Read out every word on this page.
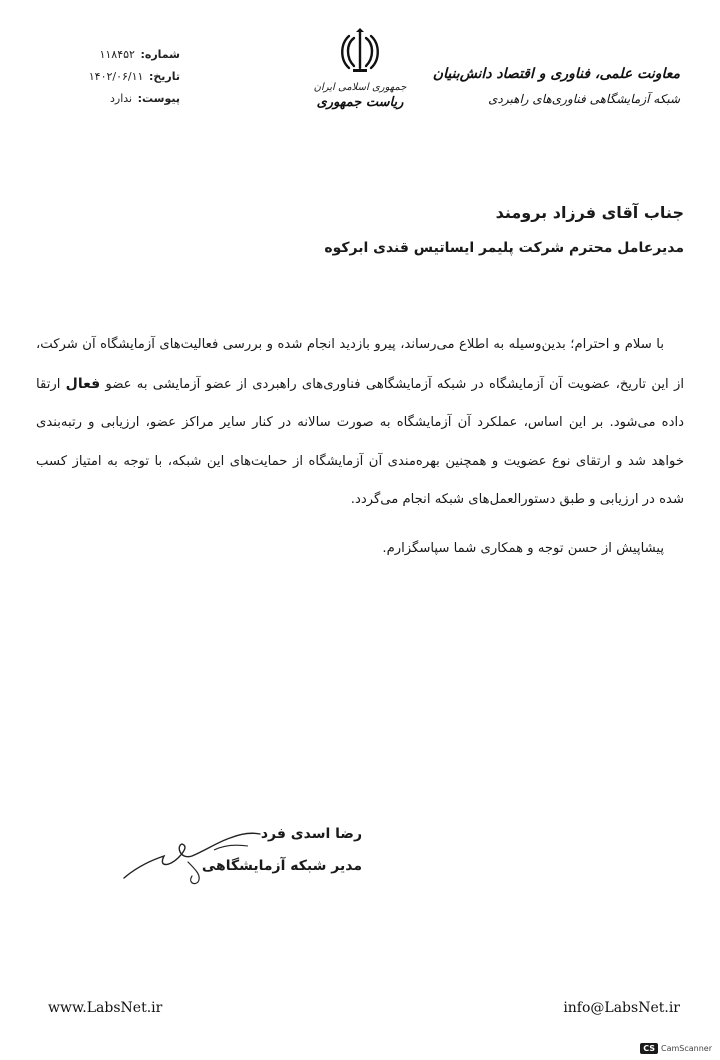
شماره: ۱۱۸۴۵۲
تاریخ: ۱۴۰۲/۰۶/۱۱
پیوست: ندارد
جمهوری اسلامی ایران
ریاست جمهوری
معاونت علمی، فناوری و اقتصاد دانش‌بنیان
شبکه آزمایشگاهی فناوری‌های راهبردی
جناب آقای فرزاد برومند
مدیرعامل محترم شرکت پلیمر ایساتیس قندی ابرکوه

با سلام و احترام؛ بدین‌وسیله به اطلاع می‌رساند، پیرو بازدید انجام شده و بررسی فعالیت‌های آزمایشگاه آن شرکت، از این تاریخ، عضویت آن آزمایشگاه در شبکه آزمایشگاهی فناوری‌های راهبردی از عضو آزمایشی به عضو فعال ارتقا داده می‌شود. بر این اساس، عملکرد آن آزمایشگاه به صورت سالانه در کنار سایر مراکز عضو، ارزیابی و رتبه‌بندی خواهد شد و ارتقای نوع عضویت و همچنین بهره‌مندی آن آزمایشگاه از حمایت‌های این شبکه، با توجه به امتیاز کسب شده در ارزیابی و طبق دستورالعمل‌های شبکه انجام می‌گردد.

پیشاپیش از حسن توجه و همکاری شما سپاسگزارم.

رضا اسدی فرد
مدیر شبکه آزمایشگاهی
www.LabsNet.ir	info@LabsNet.ir
CS CamScanner
